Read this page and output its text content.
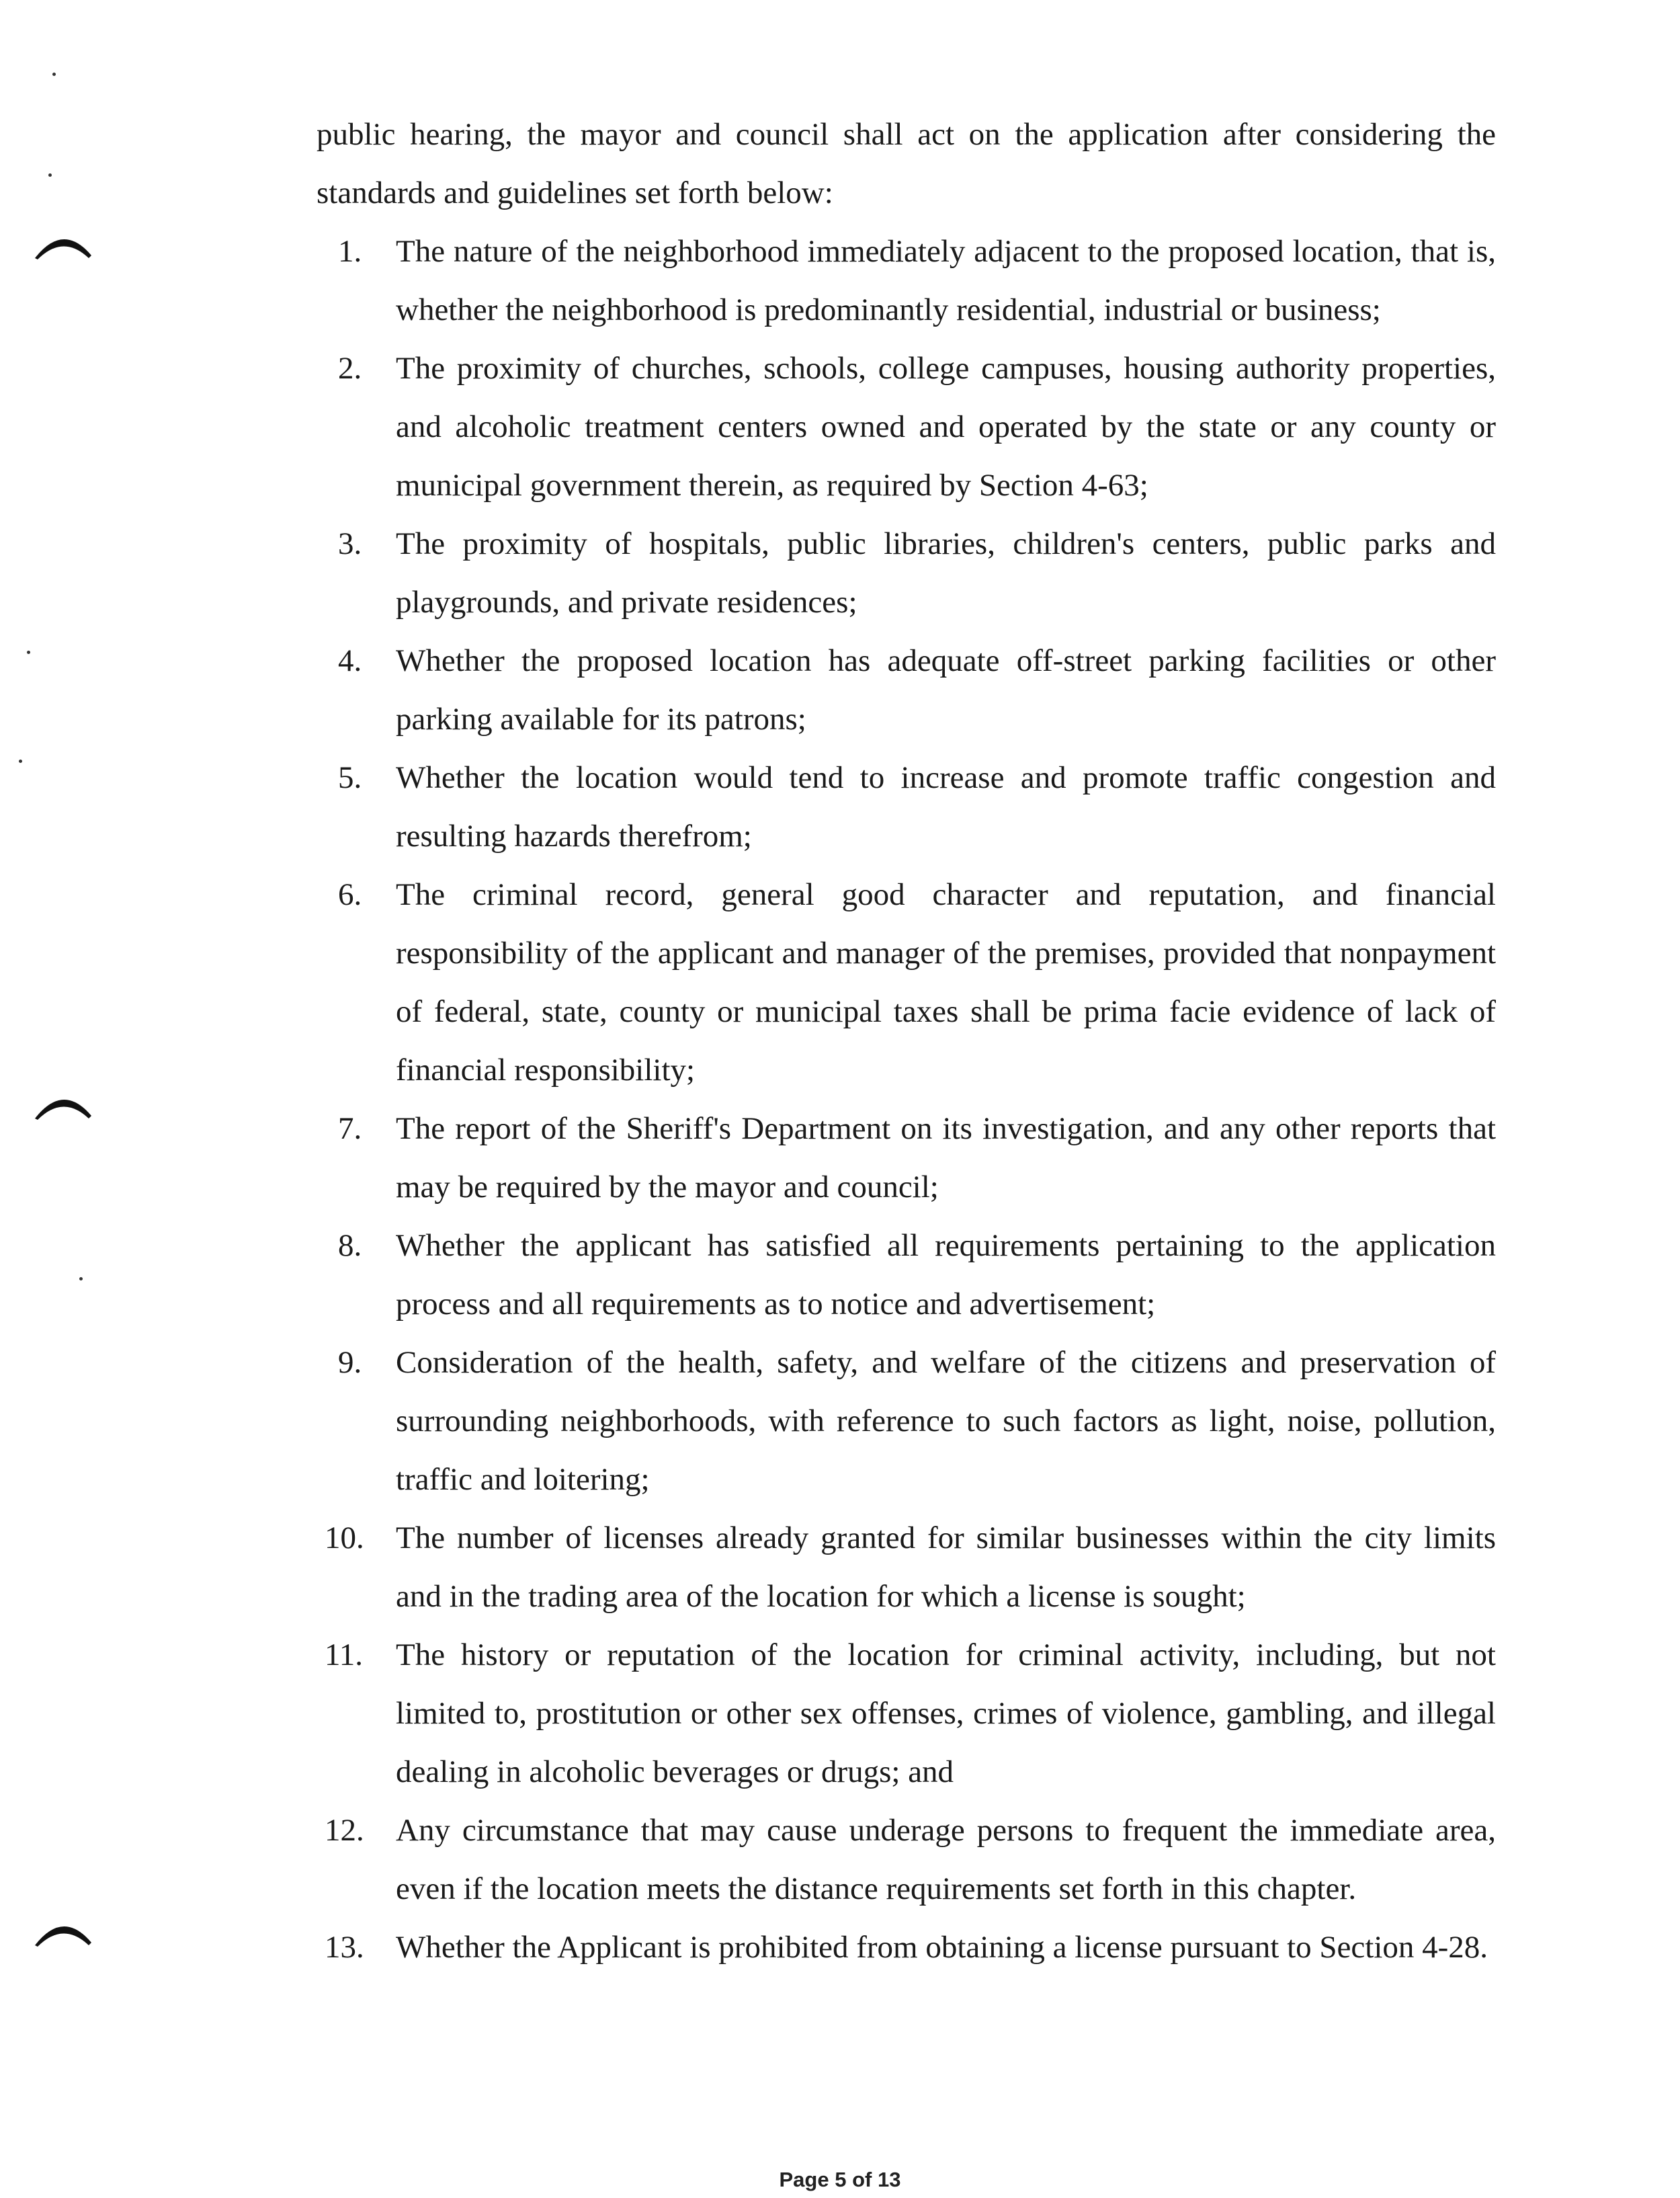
public hearing, the mayor and council shall act on the application after considering the standards and guidelines set forth below:

1. The nature of the neighborhood immediately adjacent to the proposed location, that is, whether the neighborhood is predominantly residential, industrial or business;
2. The proximity of churches, schools, college campuses, housing authority properties, and alcoholic treatment centers owned and operated by the state or any county or municipal government therein, as required by Section 4-63;
3. The proximity of hospitals, public libraries, children's centers, public parks and playgrounds, and private residences;
4. Whether the proposed location has adequate off-street parking facilities or other parking available for its patrons;
5. Whether the location would tend to increase and promote traffic congestion and resulting hazards therefrom;
6. The criminal record, general good character and reputation, and financial responsibility of the applicant and manager of the premises, provided that nonpayment of federal, state, county or municipal taxes shall be prima facie evidence of lack of financial responsibility;
7. The report of the Sheriff's Department on its investigation, and any other reports that may be required by the mayor and council;
8. Whether the applicant has satisfied all requirements pertaining to the application process and all requirements as to notice and advertisement;
9. Consideration of the health, safety, and welfare of the citizens and preservation of surrounding neighborhoods, with reference to such factors as light, noise, pollution, traffic and loitering;
10. The number of licenses already granted for similar businesses within the city limits and in the trading area of the location for which a license is sought;
11. The history or reputation of the location for criminal activity, including, but not limited to, prostitution or other sex offenses, crimes of violence, gambling, and illegal dealing in alcoholic beverages or drugs; and
12. Any circumstance that may cause underage persons to frequent the immediate area, even if the location meets the distance requirements set forth in this chapter.
13. Whether the Applicant is prohibited from obtaining a license pursuant to Section 4-28.
Page 5 of 13
